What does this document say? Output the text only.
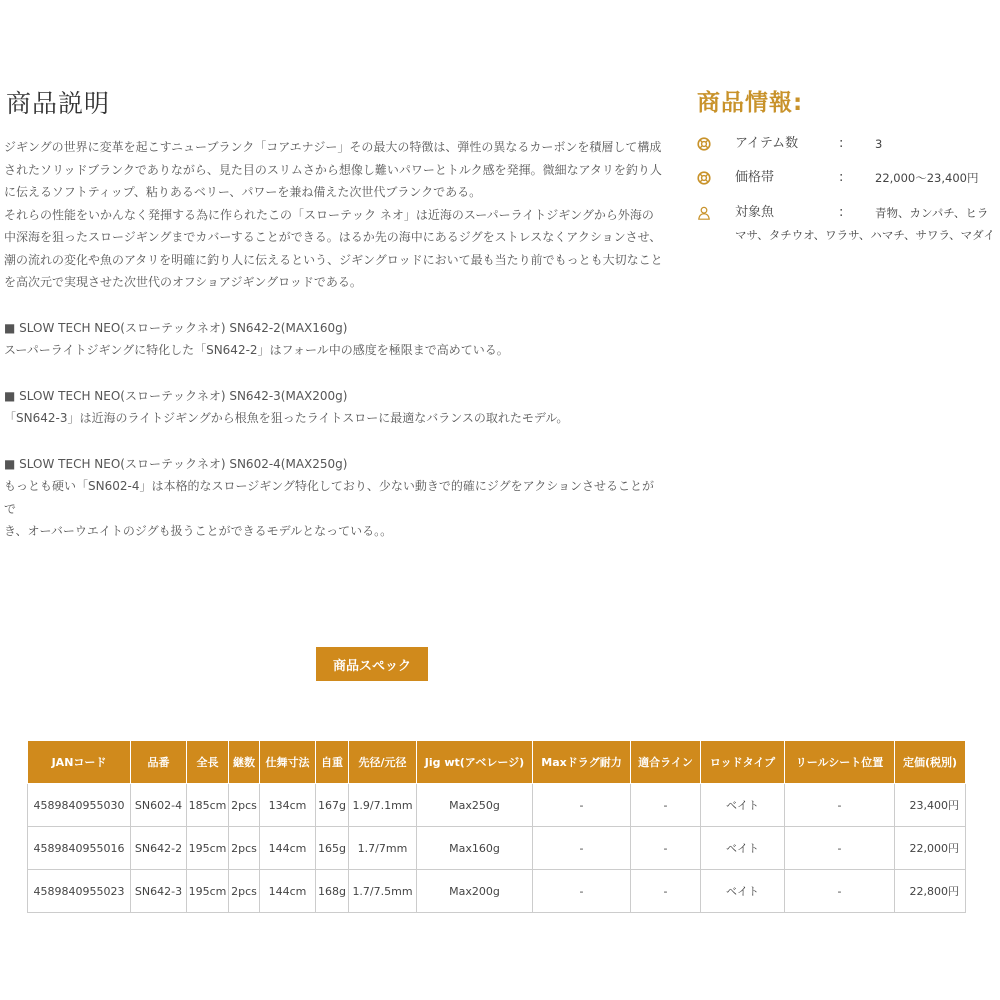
商品説明

ジギングの世界に変革を起こすニューブランク「コアエナジー」その最大の特徴は、弾性の異なるカーボンを積層して構成

されたソリッドブランクでありながら、見た目のスリムさから想像し難いパワーとトルク感を発揮。微細なアタリを釣り人

に伝えるソフトティップ、粘りあるベリー、パワーを兼ね備えた次世代ブランクである。

それらの性能をいかんなく発揮する為に作られたこの「スローテック ネオ」は近海のスーパーライトジギングから外海の

中深海を狙ったスロージギングまでカバーすることができる。はるか先の海中にあるジグをストレスなくアクションさせ、

潮の流れの変化や魚のアタリを明確に釣り人に伝えるという、ジギングロッドにおいて最も当たり前でもっとも大切なこと

を高次元で実現させた次世代のオフショアジギングロッドである。

■ SLOW TECH NEO(スローテックネオ) SN642-2(MAX160g)

スーパーライトジギングに特化した「SN642-2」はフォール中の感度を極限まで高めている。

■ SLOW TECH NEO(スローテックネオ) SN642-3(MAX200g)

「SN642-3」は近海のライトジギングから根魚を狙ったライトスローに最適なバランスの取れたモデル。

■ SLOW TECH NEO(スローテックネオ) SN602-4(MAX250g)

もっとも硬い「SN602-4」は本格的なスロージギング特化しており、少ない動きで的確にジグをアクションさせることがで

き、オーバーウエイトのジグも扱うことができるモデルとなっている。。

商品情報:
アイテム数	:	3
価格帯	:	22,000〜23,400円
対象魚	:	青物、カンパチ、ヒラ
マサ、タチウオ、ワラサ、ハマチ、サワラ、マダイ
商品スペック
JANコード	品番	全長	継数	仕舞寸法	自重	先径/元径	Jig wt(アベレージ)	Maxドラグ耐力	適合ライン	ロッドタイプ	リールシート位置	定価(税別)
4589840955030	SN602-4	185cm	2pcs	134cm	167g	1.9/7.1mm	Max250g	-	-	ベイト	-	23,400円
4589840955016	SN642-2	195cm	2pcs	144cm	165g	1.7/7mm	Max160g	-	-	ベイト	-	22,000円
4589840955023	SN642-3	195cm	2pcs	144cm	168g	1.7/7.5mm	Max200g	-	-	ベイト	-	22,800円
